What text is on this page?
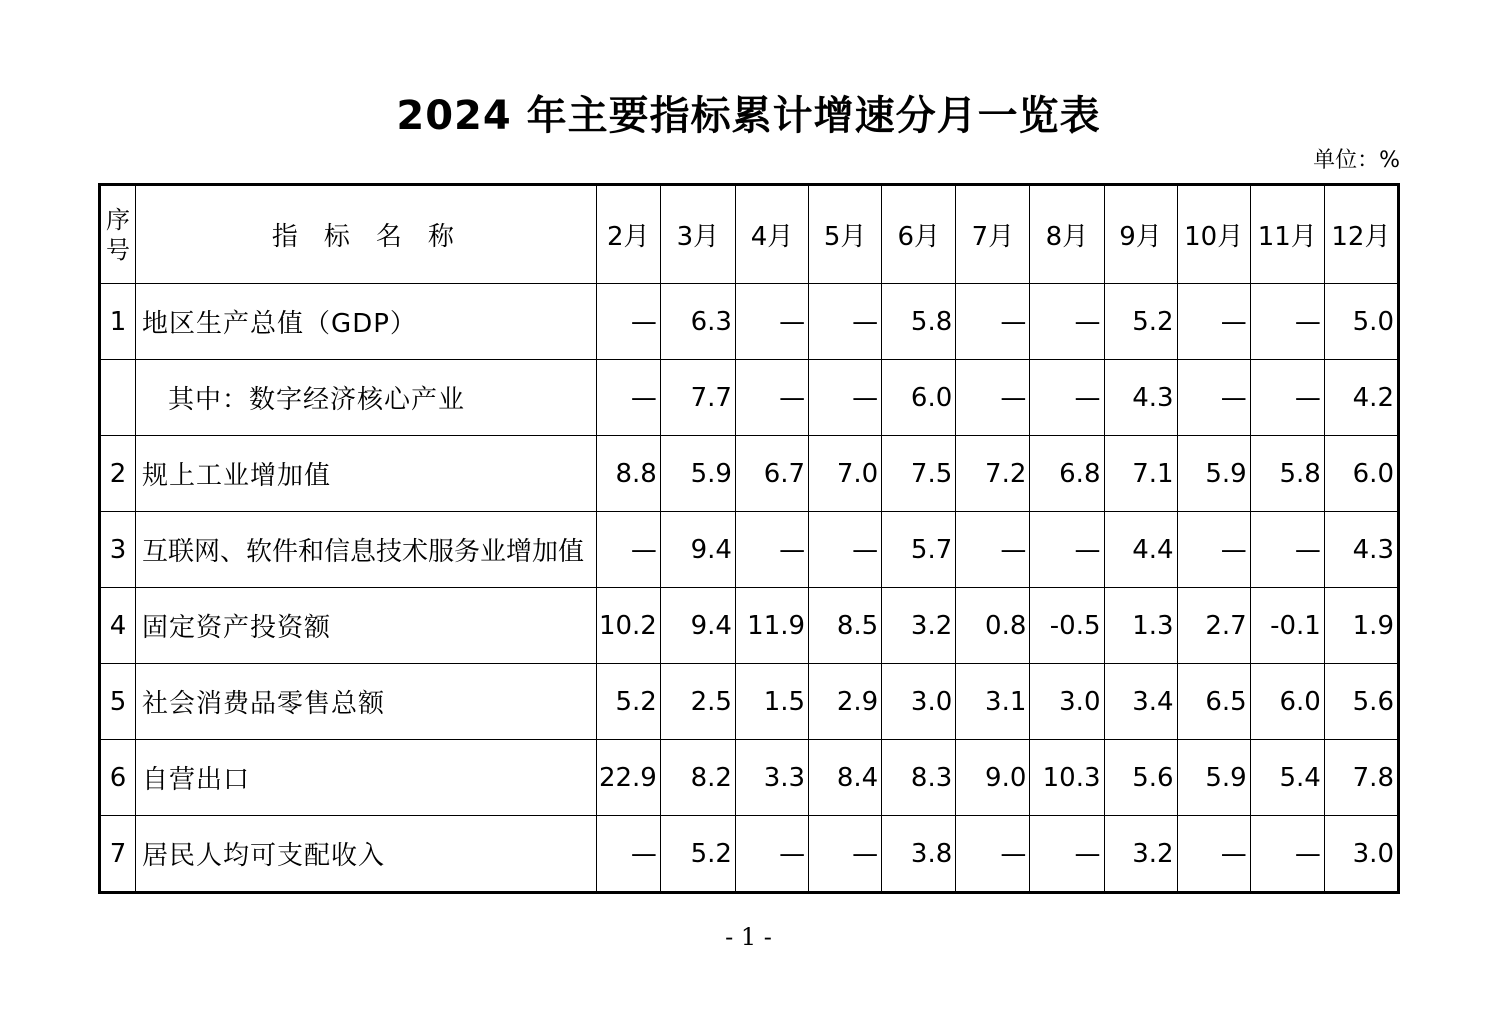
2024 年主要指标累计增速分月一览表
单位：%
序号	指标名称	2月	3月	4月	5月	6月	7月	8月	9月	10月	11月	12月
1	地区生产总值（GDP）	—	6.3	—	—	5.8	—	—	5.2	—	—	5.0
	其中：数字经济核心产业	—	7.7	—	—	6.0	—	—	4.3	—	—	4.2
2	规上工业增加值	8.8	5.9	6.7	7.0	7.5	7.2	6.8	7.1	5.9	5.8	6.0
3	互联网、软件和信息技术服务业增加值	—	9.4	—	—	5.7	—	—	4.4	—	—	4.3
4	固定资产投资额	10.2	9.4	11.9	8.5	3.2	0.8	-0.5	1.3	2.7	-0.1	1.9
5	社会消费品零售总额	5.2	2.5	1.5	2.9	3.0	3.1	3.0	3.4	6.5	6.0	5.6
6	自营出口	22.9	8.2	3.3	8.4	8.3	9.0	10.3	5.6	5.9	5.4	7.8
7	居民人均可支配收入	—	5.2	—	—	3.8	—	—	3.2	—	—	3.0
- 1 -
